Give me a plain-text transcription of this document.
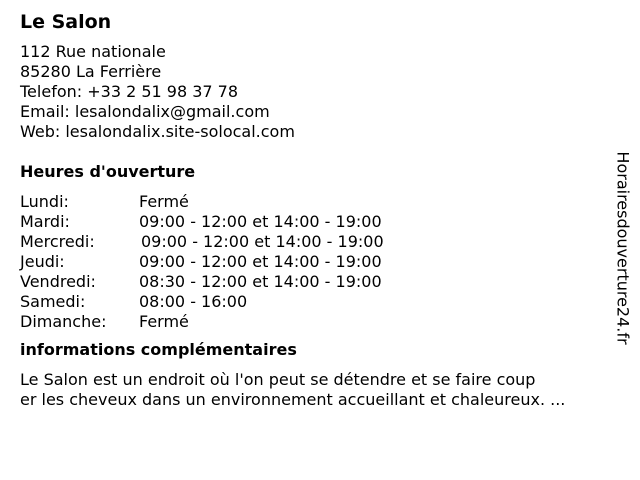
Le Salon
112 Rue nationale
85280 La Ferrière
Telefon: +33 2 51 98 37 78
Email: lesalondalix@gmail.com
Web: lesalondalix.site-solocal.com
Heures d'ouverture
Lundi:	Fermé
Mardi:	09:00 - 12:00 et 14:00 - 19:00
Mercredi:	09:00 - 12:00 et 14:00 - 19:00
Jeudi:	09:00 - 12:00 et 14:00 - 19:00
Vendredi:	08:30 - 12:00 et 14:00 - 19:00
Samedi:	08:00 - 16:00
Dimanche: Fermé
informations complémentaires
Le Salon est un endroit où l'on peut se détendre et se faire coup
er les cheveux dans un environnement accueillant et chaleureux. ...
Horairesdouverture24.fr
